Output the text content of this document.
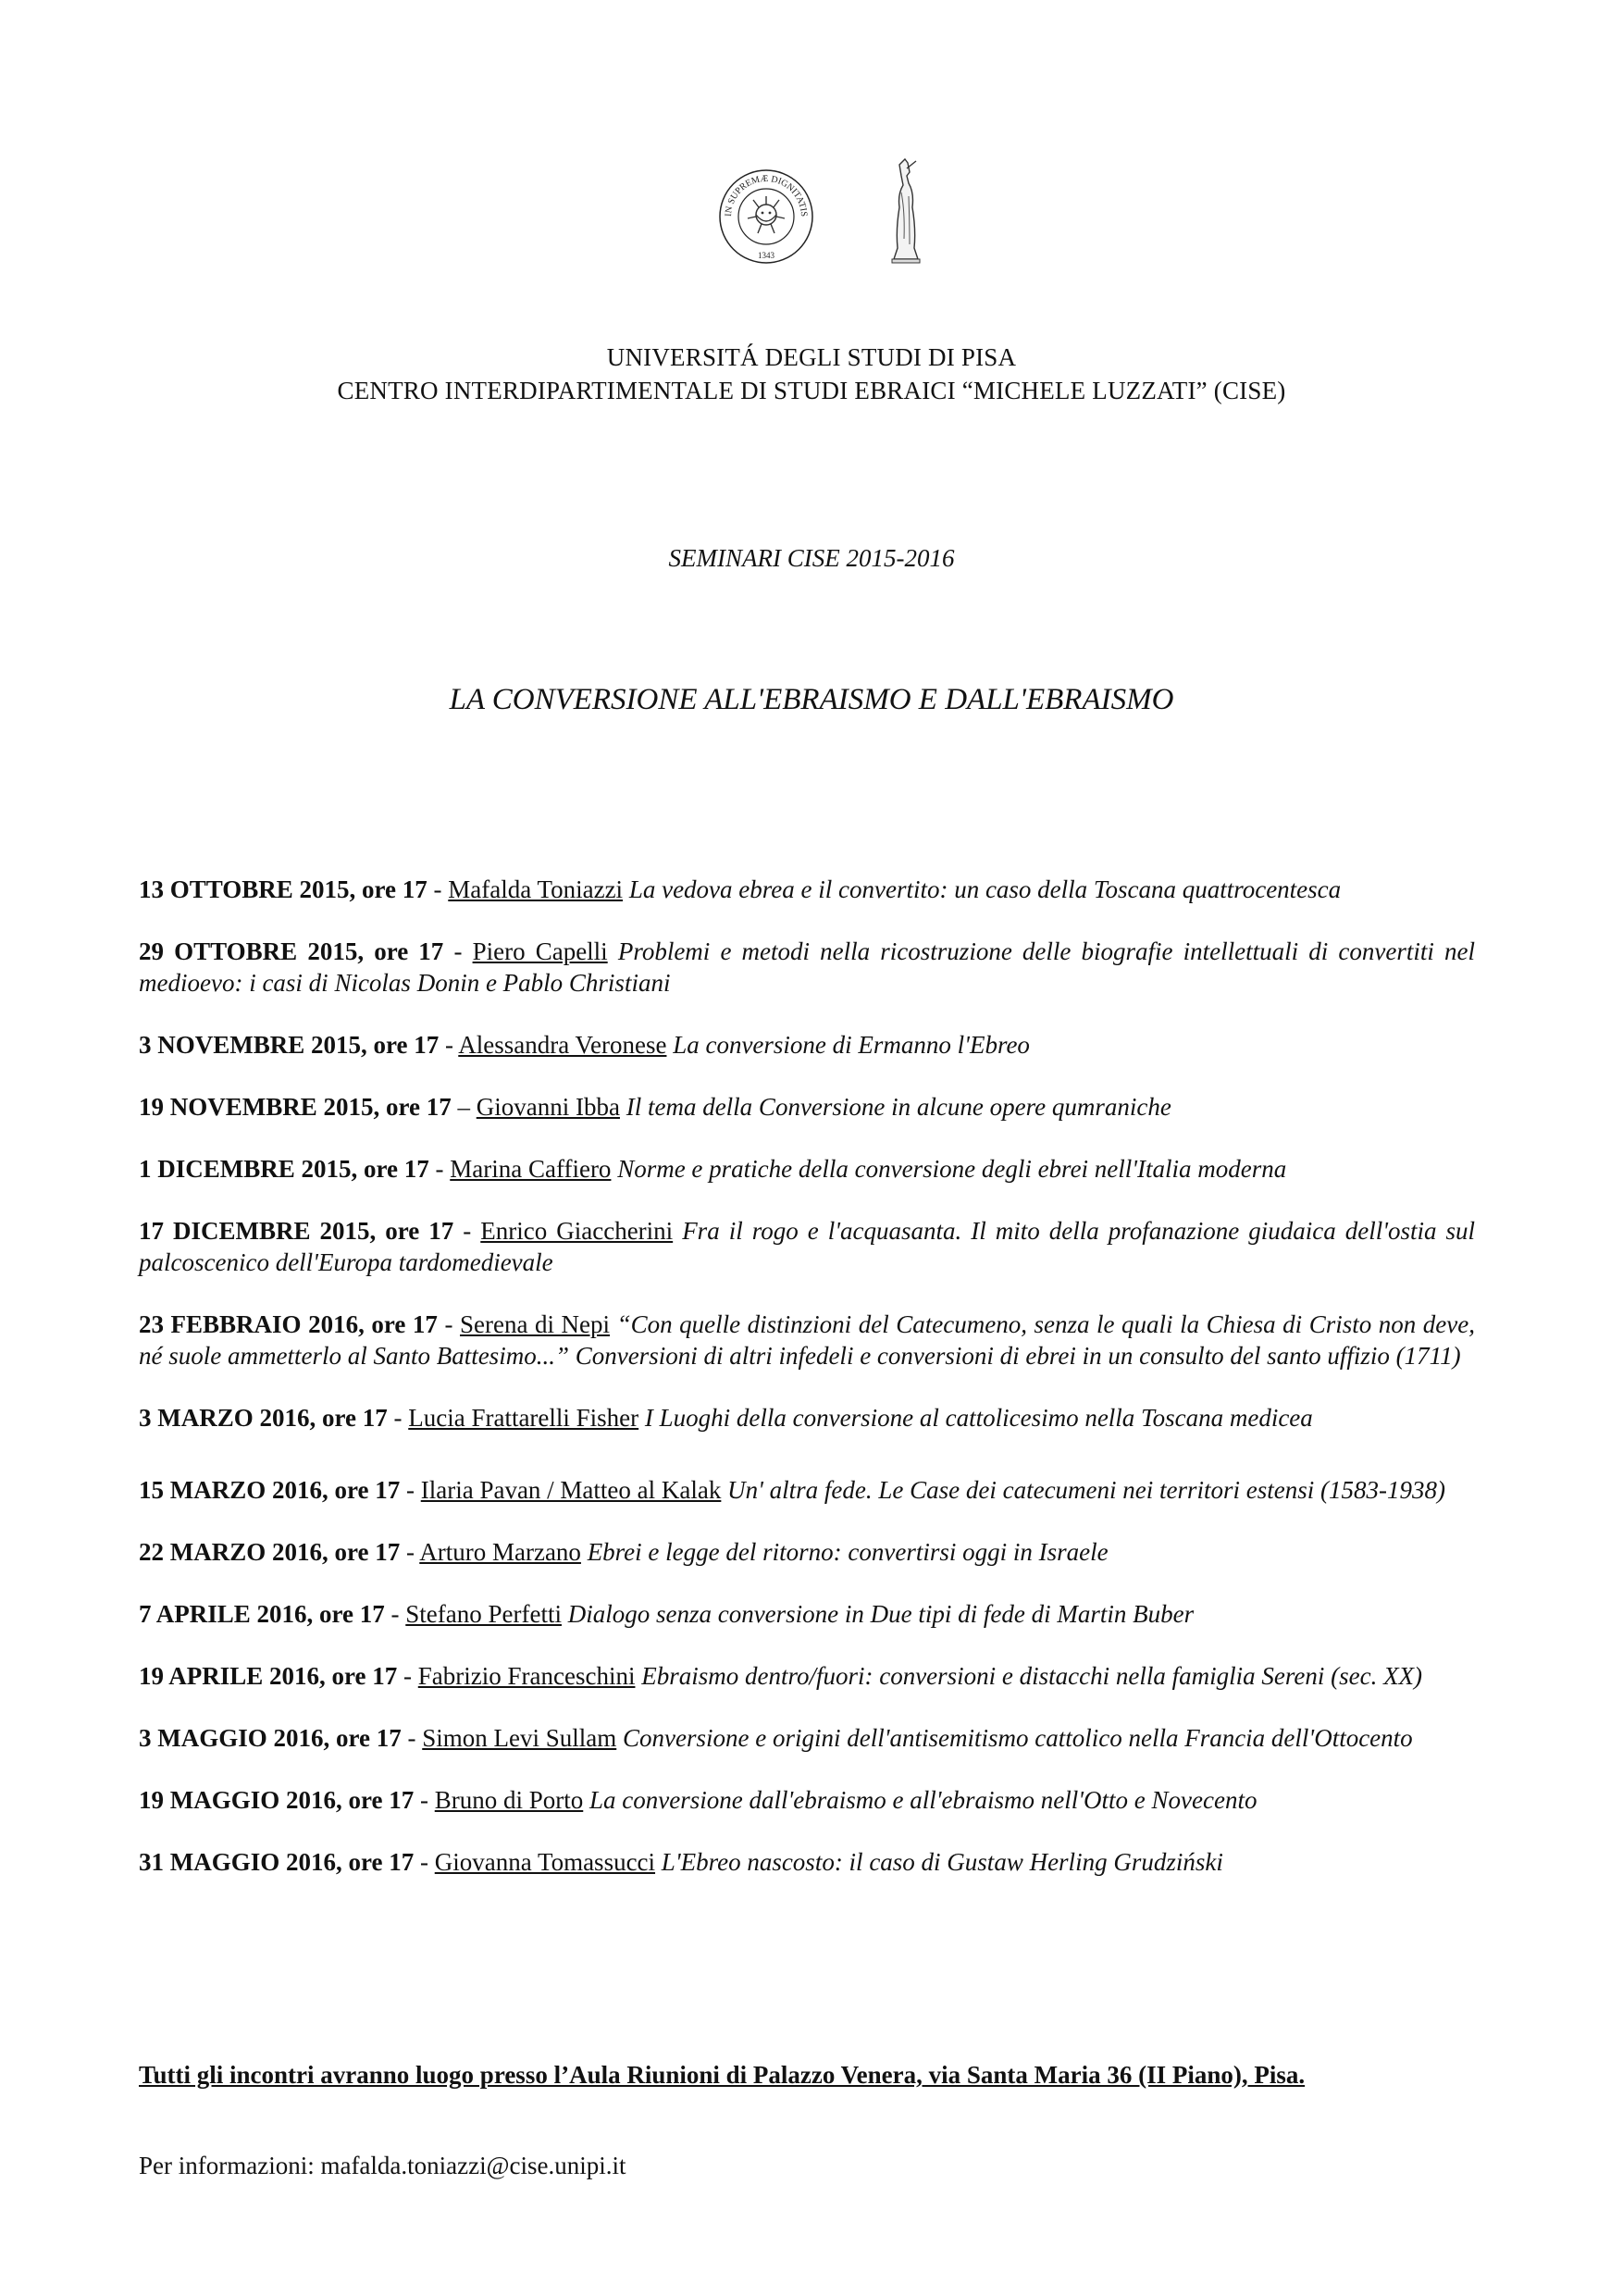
IN SUPREMÆ DIGNITATIS
1343
UNIVERSITÁ DEGLI STUDI DI PISA
CENTRO INTERDIPARTIMENTALE DI STUDI EBRAICI “MICHELE LUZZATI” (CISE)
SEMINARI CISE 2015-2016
LA CONVERSIONE ALL'EBRAISMO E DALL'EBRAISMO

13 OTTOBRE 2015, ore 17 - Mafalda Toniazzi La vedova ebrea e il convertito: un caso della Toscana quattrocentesca

29 OTTOBRE 2015, ore 17 - Piero Capelli Problemi e metodi nella ricostruzione delle biografie intellettuali di convertiti nel medioevo: i casi di Nicolas Donin e Pablo Christiani

3 NOVEMBRE 2015, ore 17 - Alessandra Veronese La conversione di Ermanno l'Ebreo

19 NOVEMBRE 2015, ore 17 – Giovanni Ibba Il tema della Conversione in alcune opere qumraniche

1 DICEMBRE 2015, ore 17 - Marina Caffiero Norme e pratiche della conversione degli ebrei nell'Italia moderna

17 DICEMBRE 2015, ore 17 - Enrico Giaccherini Fra il rogo e l'acquasanta. Il mito della profanazione giudaica dell'ostia sul palcoscenico dell'Europa tardomedievale

23 FEBBRAIO 2016, ore 17 - Serena di Nepi “Con quelle distinzioni del Catecumeno, senza le quali la Chiesa di Cristo non deve, né suole ammetterlo al Santo Battesimo...” Conversioni di altri infedeli e conversioni di ebrei in un consulto del santo uffizio (1711)

3 MARZO 2016, ore 17 - Lucia Frattarelli Fisher I Luoghi della conversione al cattolicesimo nella Toscana medicea

15 MARZO 2016, ore 17 - Ilaria Pavan / Matteo al Kalak Un' altra fede. Le Case dei catecumeni nei territori estensi (1583-1938)

22 MARZO 2016, ore 17 - Arturo Marzano Ebrei e legge del ritorno: convertirsi oggi in Israele

7 APRILE 2016, ore 17 - Stefano Perfetti Dialogo senza conversione in Due tipi di fede di Martin Buber

19 APRILE 2016, ore 17 - Fabrizio Franceschini Ebraismo dentro/fuori: conversioni e distacchi nella famiglia Sereni (sec. XX)

3 MAGGIO 2016, ore 17 - Simon Levi Sullam Conversione e origini dell'antisemitismo cattolico nella Francia dell'Ottocento

19 MAGGIO 2016, ore 17 - Bruno di Porto La conversione dall'ebraismo e all'ebraismo nell'Otto e Novecento

31 MAGGIO 2016, ore 17 - Giovanna Tomassucci L'Ebreo nascosto: il caso di Gustaw Herling Grudziński

Tutti gli incontri avranno luogo presso l’Aula Riunioni di Palazzo Venera, via Santa Maria 36 (II Piano), Pisa.
Per informazioni: mafalda.toniazzi@cise.unipi.it
